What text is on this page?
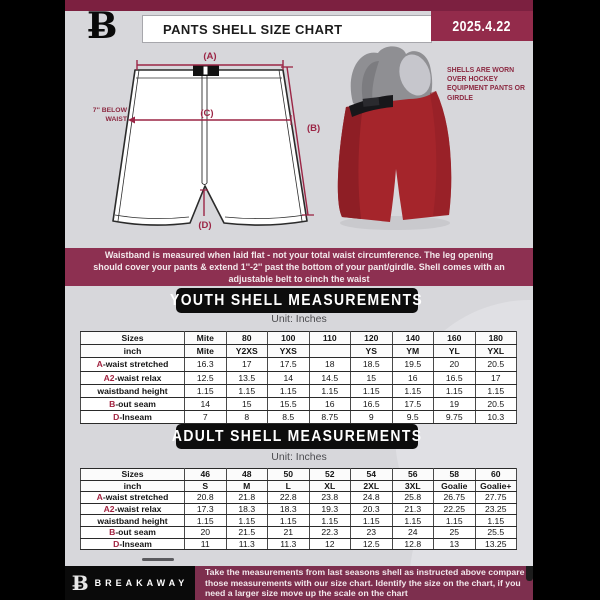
Ƀ	PANTS SHELL SIZE CHART	2025.4.22
(A)
(C)
(B)
(D)
7'' BELOW
WAIST
SHELLS ARE WORN OVER HOCKEY EQUIPMENT PANTS OR GIRDLE
Waistband is measured when laid flat - not your total waist circumference. The leg opening should cover your pants & extend 1''-2'' past the bottom of your pant/girdle. Shell comes with an adjustable belt to cinch the waist
YOUTH SHELL MEASUREMENTS
Unit: Inches
Sizes	Mite	80	100	110	120	140	160	180
inch	Mite	Y2XS	YXS		YS	YM	YL	YXL
A-waist stretched	16.3	17	17.5	18	18.5	19.5	20	20.5
A2-waist relax	12.5	13.5	14	14.5	15	16	16.5	17
waistband height	1.15	1.15	1.15	1.15	1.15	1.15	1.15	1.15
B-out seam	14	15	15.5	16	16.5	17.5	19	20.5
D-Inseam	7	8	8.5	8.75	9	9.5	9.75	10.3
ADULT SHELL MEASUREMENTS
Unit: Inches
Sizes	46	48	50	52	54	56	58	60
inch	S	M	L	XL	2XL	3XL	Goalie	Goalie+
A-waist stretched	20.8	21.8	22.8	23.8	24.8	25.8	26.75	27.75
A2-waist relax	17.3	18.3	18.3	19.3	20.3	21.3	22.25	23.25
waistband height	1.15	1.15	1.15	1.15	1.15	1.15	1.15	1.15
B-out seam	20	21.5	21	22.3	23	24	25	25.5
D-Inseam	11	11.3	11.3	12	12.5	12.8	13	13.25
Ƀ BREAKAWAY
Take the measurements from last seasons shell as instructed above compare those measurements with our size chart. Identify the size on the chart, if you need a larger size move up the scale on the chart
